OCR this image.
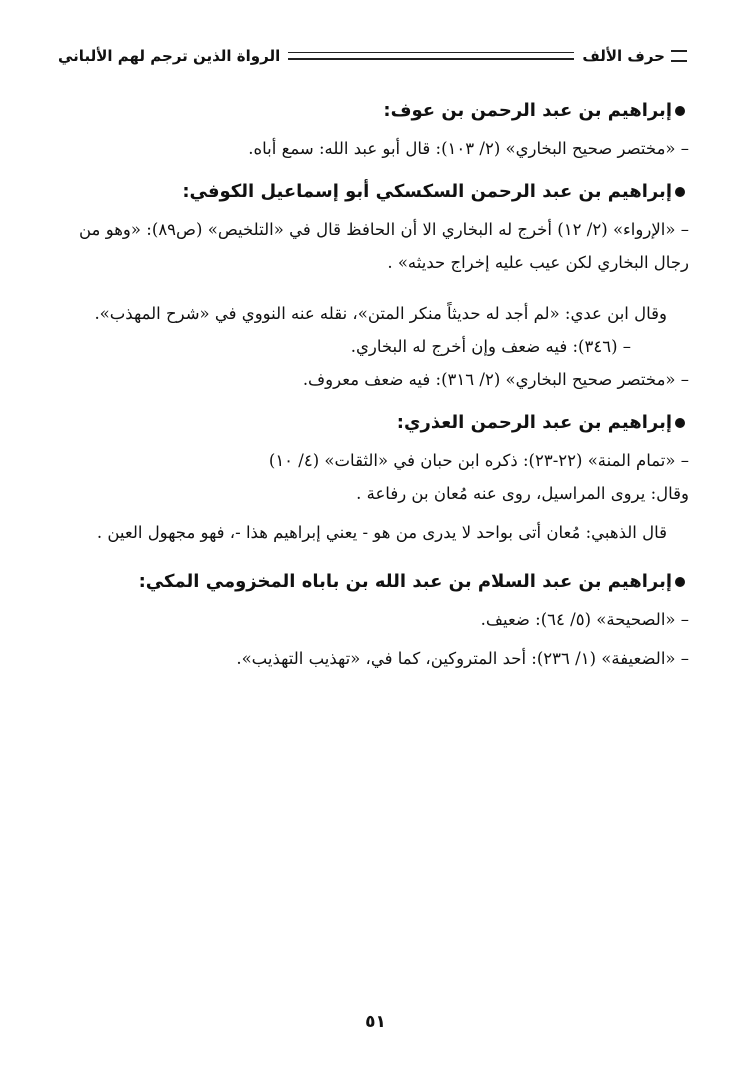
حرف الألف
الرواة الذين ترجم لهم الألباني
إبراهيم بن عبد الرحمن بن عوف:

– «مختصر صحيح البخاري» (٢/ ١٠٣): قال أبو عبد الله: سمع أباه.

إبراهيم بن عبد الرحمن السكسكي أبو إسماعيل الكوفي:

– «الإرواء» (٢/ ١٢) أخرج له البخاري الا أن الحافظ قال في «التلخيص» (ص٨٩): «وهو من رجال البخاري لكن عيب عليه إخراج حديثه» .

وقال ابن عدي: «لم أجد له حديثاً منكر المتن»، نقله عنه النووي في «شرح المهذب».

– (٣٤٦): فيه ضعف وإن أخرج له البخاري.

– «مختصر صحيح البخاري» (٢/ ٣١٦): فيه ضعف معروف.

إبراهيم بن عبد الرحمن العذري:

– «تمام المنة» (٢٢-٢٣): ذكره ابن حبان في «الثقات» (٤/ ١٠)

وقال: يروى المراسيل، روى عنه مُعان بن رفاعة .

قال الذهبي: مُعان أتى بواحد لا يدرى من هو - يعني إبراهيم هذا -، فهو مجهول العين .

إبراهيم بن عبد السلام بن عبد الله بن باباه المخزومي المكي:

– «الصحيحة» (٥/ ٦٤): ضعيف.

– «الضعيفة» (١/ ٢٣٦): أحد المتروكين، كما في، «تهذيب التهذيب».

٥١
